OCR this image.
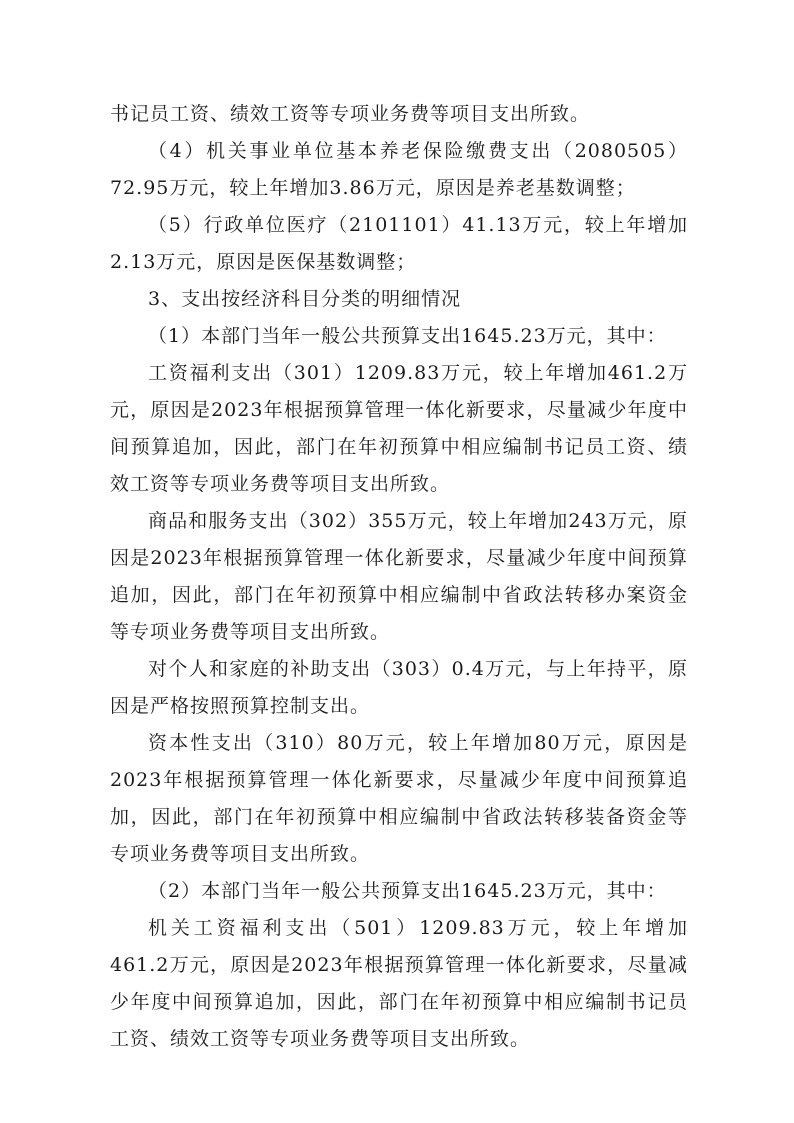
书记员工资、绩效工资等专项业务费等项目支出所致。

（4）机关事业单位基本养老保险缴费支出（2080505）72.95万元，较上年增加3.86万元，原因是养老基数调整；

（5）行政单位医疗（2101101）41.13万元，较上年增加2.13万元，原因是医保基数调整；

3、支出按经济科目分类的明细情况

（1）本部门当年一般公共预算支出1645.23万元，其中：

工资福利支出（301）1209.83万元，较上年增加461.2万元，原因是2023年根据预算管理一体化新要求，尽量减少年度中间预算追加，因此，部门在年初预算中相应编制书记员工资、绩效工资等专项业务费等项目支出所致。

商品和服务支出（302）355万元，较上年增加243万元，原因是2023年根据预算管理一体化新要求，尽量减少年度中间预算追加，因此，部门在年初预算中相应编制中省政法转移办案资金等专项业务费等项目支出所致。

对个人和家庭的补助支出（303）0.4万元，与上年持平，原因是严格按照预算控制支出。

资本性支出（310）80万元，较上年增加80万元，原因是2023年根据预算管理一体化新要求，尽量减少年度中间预算追加，因此，部门在年初预算中相应编制中省政法转移装备资金等专项业务费等项目支出所致。

（2）本部门当年一般公共预算支出1645.23万元，其中：

机关工资福利支出（501）1209.83万元，较上年增加461.2万元，原因是2023年根据预算管理一体化新要求，尽量减少年度中间预算追加，因此，部门在年初预算中相应编制书记员工资、绩效工资等专项业务费等项目支出所致。
